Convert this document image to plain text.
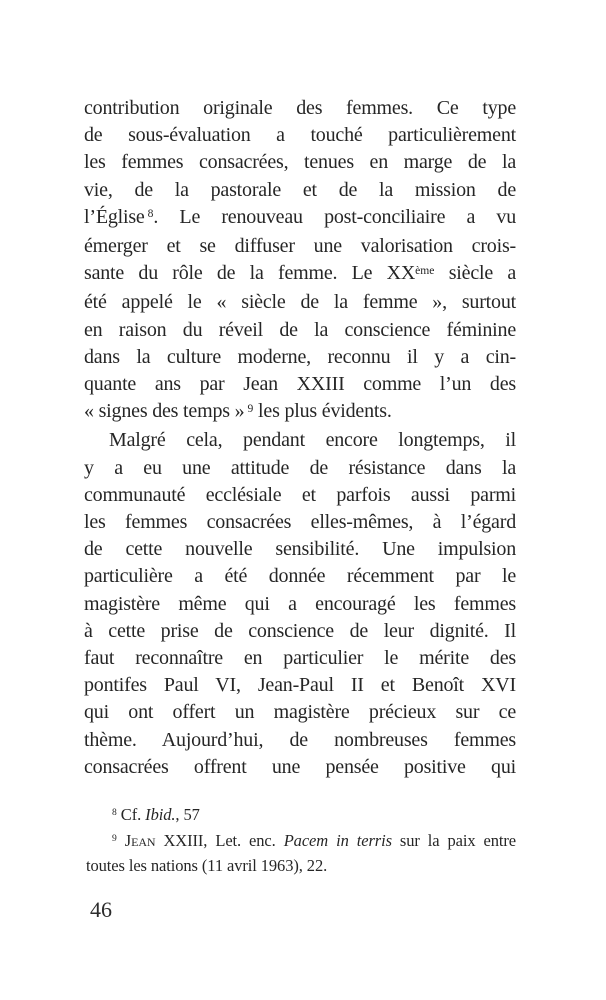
contribution originale des femmes. Ce type
de sous-évaluation a touché particulièrement
les femmes consacrées, tenues en marge de la
vie, de la pastorale et de la mission de
l’Église $^8$. Le renouveau post-conciliaire a vu
émerger et se diffuser une valorisation crois-
sante du rôle de la femme. Le XXème siècle a
été appelé le « siècle de la femme », surtout
en raison du réveil de la conscience féminine
dans la culture moderne, reconnu il y a cin-
quante ans par Jean XXIII comme l’un des
« signes des temps » $^9$ les plus évidents.
Malgré cela, pendant encore longtemps, il
y a eu une attitude de résistance dans la
communauté ecclésiale et parfois aussi parmi
les femmes consacrées elles-mêmes, à l’égard
de cette nouvelle sensibilité. Une impulsion
particulière a été donnée récemment par le
magistère même qui a encouragé les femmes
à cette prise de conscience de leur dignité. Il
faut reconnaître en particulier le mérite des
pontifes Paul VI, Jean-Paul II et Benoît XVI
qui ont offert un magistère précieux sur ce
thème. Aujourd’hui, de nombreuses femmes
consacrées offrent une pensée positive qui
$^8$ Cf. Ibid., 57
$^9$ Jean XXIII, Let. enc. Pacem in terris sur la paix entre
toutes les nations (11 avril 1963), 22.
46
